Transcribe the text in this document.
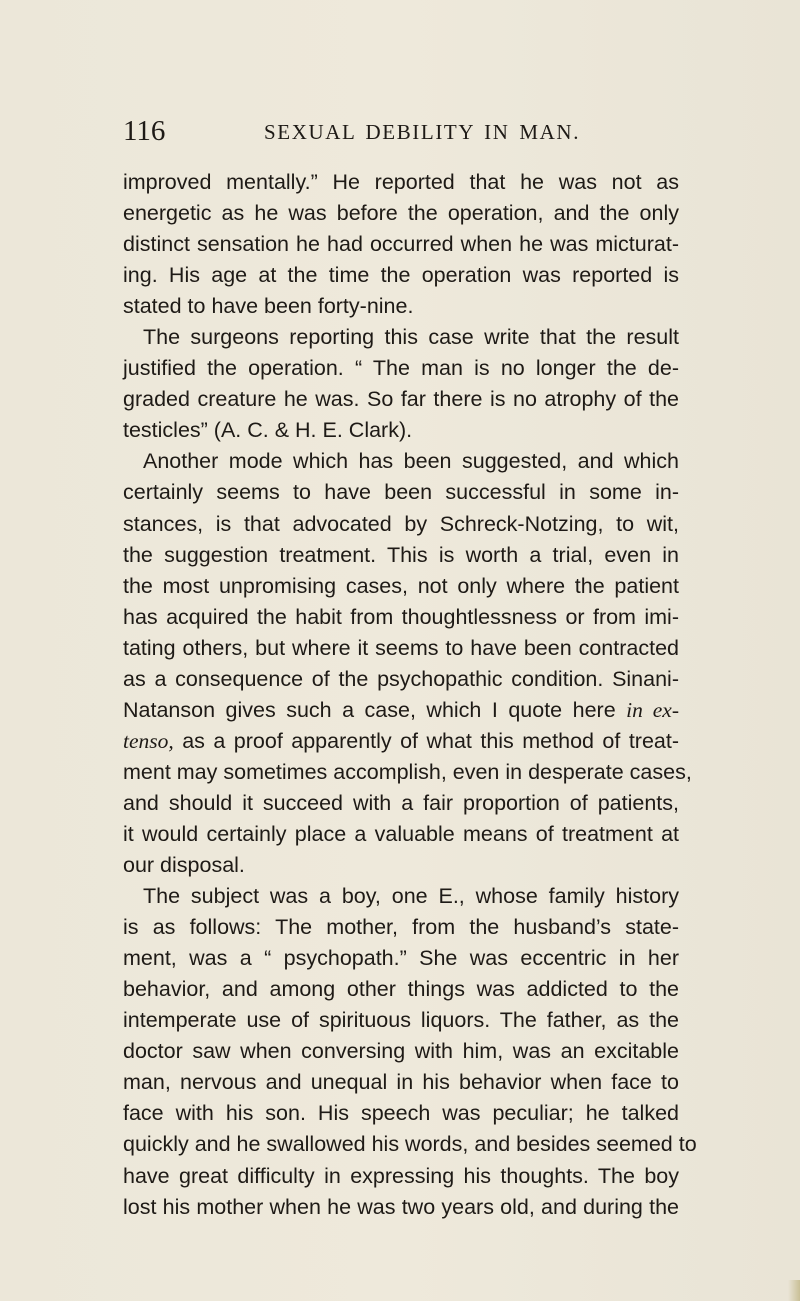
116	SEXUAL DEBILITY IN MAN.
improved mentally.” He reported that he was not as
energetic as he was before the operation, and the only
distinct sensation he had occurred when he was micturat-
ing. His age at the time the operation was reported is
stated to have been forty-nine.
The surgeons reporting this case write that the result
justified the operation. “ The man is no longer the de-
graded creature he was. So far there is no atrophy of the
testicles” (A. C. & H. E. Clark).
Another mode which has been suggested, and which
certainly seems to have been successful in some in-
stances, is that advocated by Schreck-Notzing, to wit,
the suggestion treatment. This is worth a trial, even in
the most unpromising cases, not only where the patient
has acquired the habit from thoughtlessness or from imi-
tating others, but where it seems to have been contracted
as a consequence of the psychopathic condition. Sinani-
Natanson gives such a case, which I quote here in ex-
tenso, as a proof apparently of what this method of treat-
ment may sometimes accomplish, even in desperate cases,
and should it succeed with a fair proportion of patients,
it would certainly place a valuable means of treatment at
our disposal.
The subject was a boy, one E., whose family history
is as follows: The mother, from the husband’s state-
ment, was a “ psychopath.” She was eccentric in her
behavior, and among other things was addicted to the
intemperate use of spirituous liquors. The father, as the
doctor saw when conversing with him, was an excitable
man, nervous and unequal in his behavior when face to
face with his son. His speech was peculiar; he talked
quickly and he swallowed his words, and besides seemed to
have great difficulty in expressing his thoughts. The boy
lost his mother when he was two years old, and during the
